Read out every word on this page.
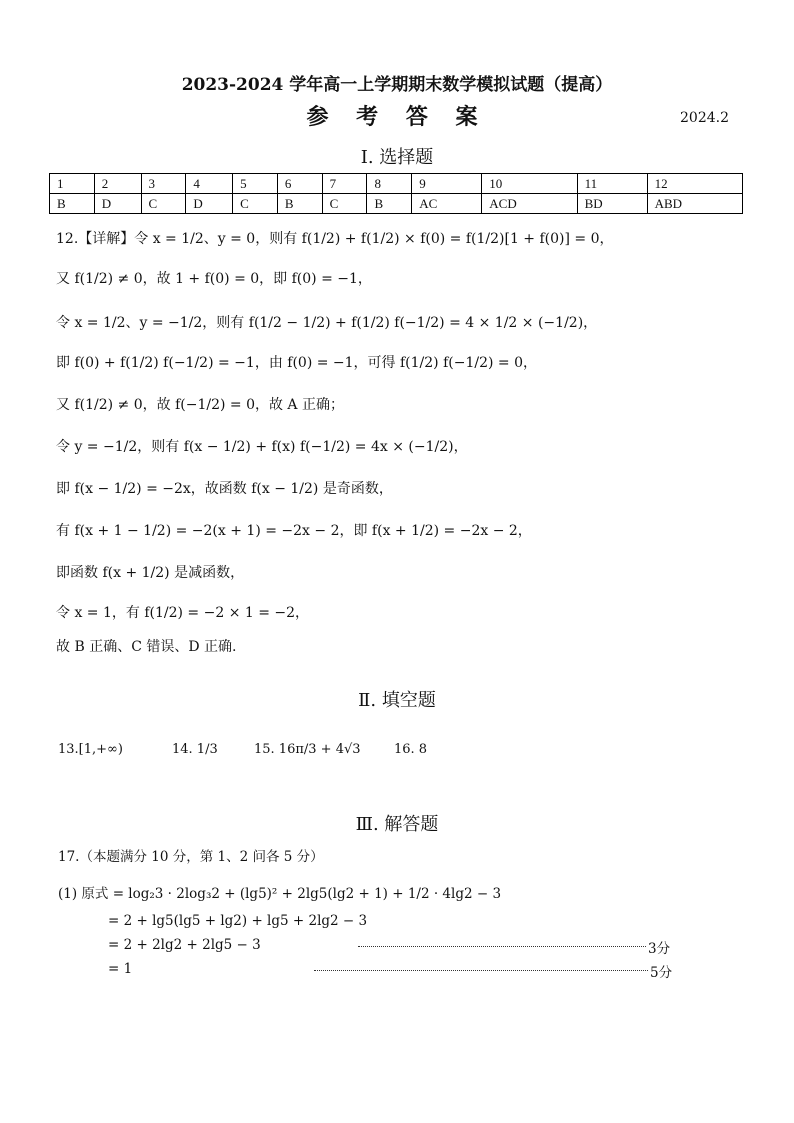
2023-2024 学年高一上学期期末数学模拟试题（提高）
参 考 答 案	2024.2
Ⅰ. 选择题
1	2	3	4	5	6	7	8	9	10	11	12
B	D	C	D	C	B	C	B	AC	ACD	BD	ABD
12.【详解】令 x = 1/2、y = 0，则有 f(1/2) + f(1/2) × f(0) = f(1/2)[1 + f(0)] = 0，
又 f(1/2) ≠ 0，故 1 + f(0) = 0，即 f(0) = −1，
令 x = 1/2、y = −1/2，则有 f(1/2 − 1/2) + f(1/2) f(−1/2) = 4 × 1/2 × (−1/2)，
即 f(0) + f(1/2) f(−1/2) = −1，由 f(0) = −1，可得 f(1/2) f(−1/2) = 0，
又 f(1/2) ≠ 0，故 f(−1/2) = 0，故 A 正确；
令 y = −1/2，则有 f(x − 1/2) + f(x) f(−1/2) = 4x × (−1/2)，
即 f(x − 1/2) = −2x，故函数 f(x − 1/2) 是奇函数，
有 f(x + 1 − 1/2) = −2(x + 1) = −2x − 2，即 f(x + 1/2) = −2x − 2，
即函数 f(x + 1/2) 是减函数，
令 x = 1，有 f(1/2) = −2 × 1 = −2，
故 B 正确、C 错误、D 正确.
Ⅱ. 填空题
13.[1,+∞)	14. 1/3	15. 16π/3 + 4√3	16. 8
Ⅲ. 解答题
17.（本题满分 10 分，第 1、2 问各 5 分）
(1) 原式 = log₂3 · 2log₃2 + (lg5)² + 2lg5(lg2 + 1) + 1/2 · 4lg2 − 3
= 2 + lg5(lg5 + lg2) + lg5 + 2lg2 − 3
= 2 + 2lg2 + 2lg5 − 3
= 1
3分
5分
